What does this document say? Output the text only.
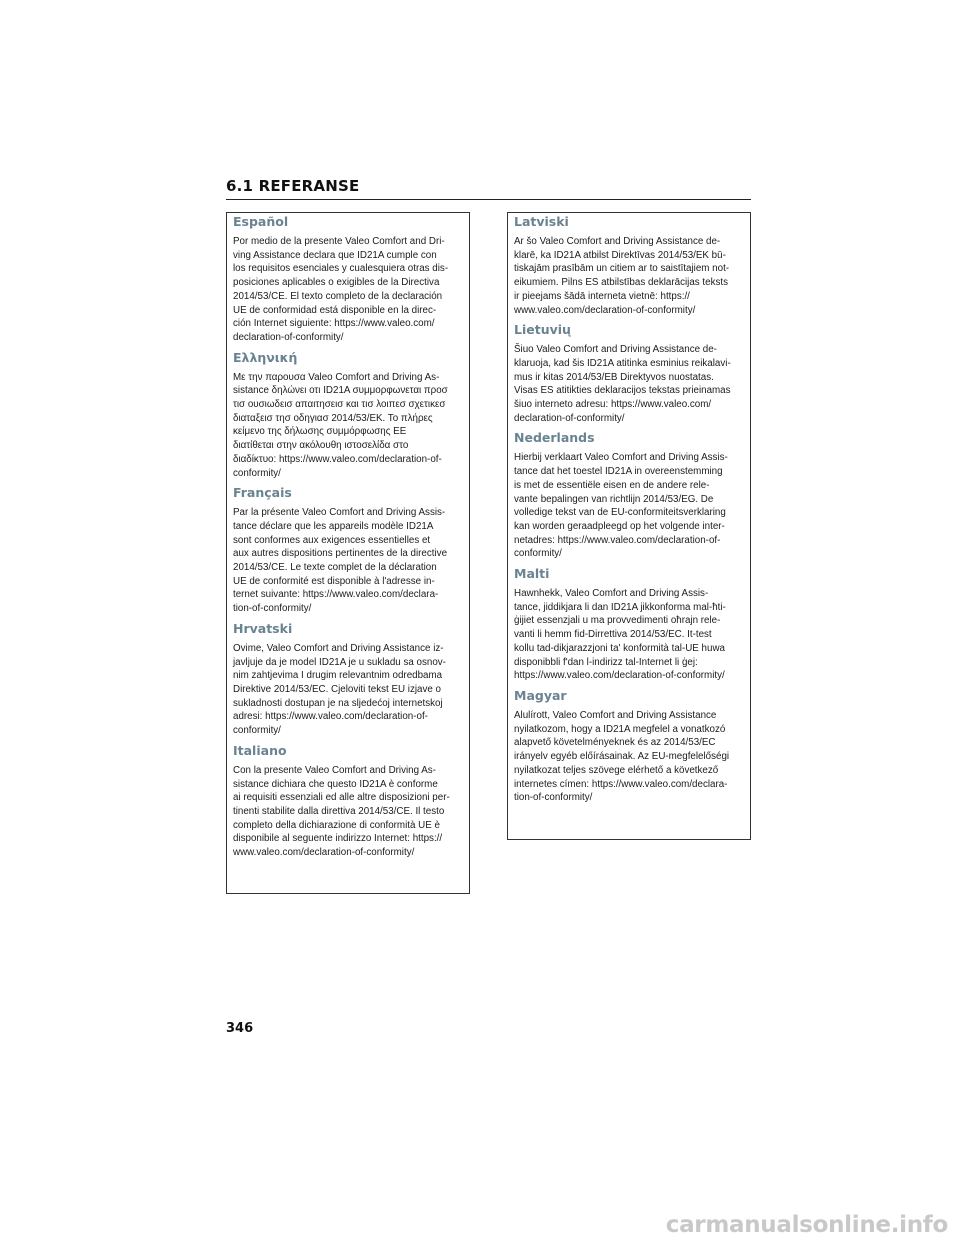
6.1 REFERANSE
Español

Por medio de la presente Valeo Comfort and Dri-
ving Assistance declara que ID21A cumple con
los requisitos esenciales y cualesquiera otras dis-
posiciones aplicables o exigibles de la Directiva
2014/53/CE. El texto completo de la declaración
UE de conformidad está disponible en la direc-
ción Internet siguiente: https://www.valeo.com/
declaration-of-conformity/

Ελληνική

Με την παρουσα Valeo Comfort and Driving As-
sistance δηλώνει οτι ID21A συμμορφωνεται προσ
τισ ουσιωδεισ απαιτησεισ και τισ λοιπεσ σχετικεσ
διαταξεισ τησ οδηγιασ 2014/53/ΕΚ. Το πλήρες
κείμενο της δήλωσης συμμόρφωσης ΕΕ
διατίθεται στην ακόλουθη ιστοσελίδα στο
διαδίκτυο: https://www.valeo.com/declaration-of-
conformity/

Français

Par la présente Valeo Comfort and Driving Assis-
tance déclare que les appareils modèle ID21A
sont conformes aux exigences essentielles et
aux autres dispositions pertinentes de la directive
2014/53/CE. Le texte complet de la déclaration
UE de conformité est disponible à l'adresse in-
ternet suivante: https://www.valeo.com/declara-
tion-of-conformity/

Hrvatski

Ovime, Valeo Comfort and Driving Assistance iz-
javljuje da je model ID21A je u sukladu sa osnov-
nim zahtjevima I drugim relevantnim odredbama
Direktive 2014/53/EC. Cjeloviti tekst EU izjave o
sukladnosti dostupan je na sljedećoj internetskoj
adresi: https://www.valeo.com/declaration-of-
conformity/

Italiano

Con la presente Valeo Comfort and Driving As-
sistance dichiara che questo ID21A è conforme
ai requisiti essenziali ed alle altre disposizioni per-
tinenti stabilite dalla direttiva 2014/53/CE. Il testo
completo della dichiarazione di conformità UE è
disponibile al seguente indirizzo Internet: https://
www.valeo.com/declaration-of-conformity/

Latviski

Ar šo Valeo Comfort and Driving Assistance de-
klarē, ka ID21A atbilst Direktīvas 2014/53/EK bū-
tiskajām prasībām un citiem ar to saistītajiem not-
eikumiem. Pilns ES atbilstības deklarācijas teksts
ir pieejams šādā interneta vietnē: https://
www.valeo.com/declaration-of-conformity/

Lietuvių

Šiuo Valeo Comfort and Driving Assistance de-
klaruoja, kad šis ID21A atitinka esminius reikalavi-
mus ir kitas 2014/53/EB Direktyvos nuostatas.
Visas ES atitikties deklaracijos tekstas prieinamas
šiuo interneto adresu: https://www.valeo.com/
declaration-of-conformity/

Nederlands

Hierbij verklaart Valeo Comfort and Driving Assis-
tance dat het toestel ID21A in overeenstemming
is met de essentiële eisen en de andere rele-
vante bepalingen van richtlijn 2014/53/EG. De
volledige tekst van de EU-conformiteitsverklaring
kan worden geraadpleegd op het volgende inter-
netadres: https://www.valeo.com/declaration-of-
conformity/

Malti

Hawnhekk, Valeo Comfort and Driving Assis-
tance, jiddikjara li dan ID21A jikkonforma mal-ħti-
ġijiet essenzjali u ma provvedimenti oħrajn rele-
vanti li hemm fid-Dirrettiva 2014/53/EC. It-test
kollu tad-dikjarazzjoni ta' konformità tal-UE huwa
disponibbli f'dan l-indirizz tal-Internet li ġej:
https://www.valeo.com/declaration-of-conformity/

Magyar

Alulírott, Valeo Comfort and Driving Assistance
nyilatkozom, hogy a ID21A megfelel a vonatkozó
alapvető követelményeknek és az 2014/53/EC
irányelv egyéb előírásainak. Az EU-megfelelőségi
nyilatkozat teljes szövege elérhető a következő
internetes címen: https://www.valeo.com/declara-
tion-of-conformity/

346
carmanualsonline.info
